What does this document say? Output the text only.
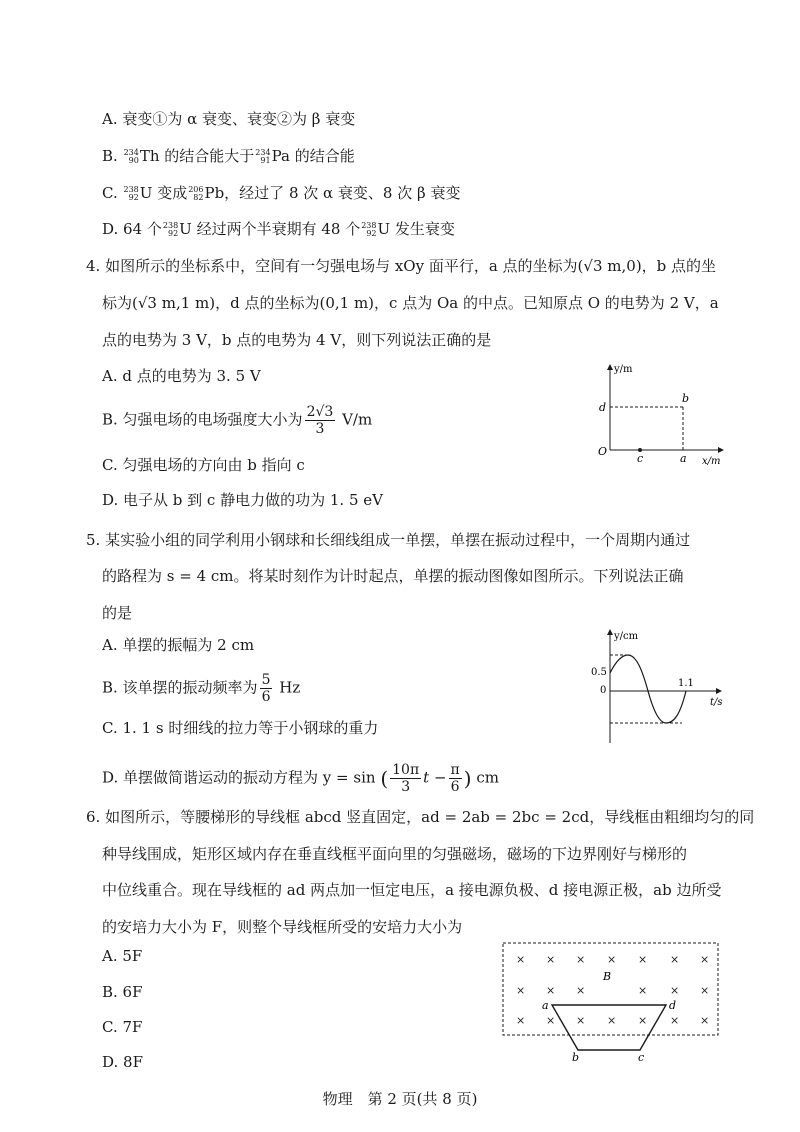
A. 衰变①为 α 衰变、衰变②为 β 衰变
B. 234
90 Th 的结合能大于 234
91 Pa 的结合能
C. 238
92 U 变成 206
82 Pb，经过了 8 次 α 衰变、8 次 β 衰变
D. 64 个 238
92 U 经过两个半衰期有 48 个 238
92 U 发生衰变
4. 如图所示的坐标系中，空间有一匀强电场与 xOy 面平行，a 点的坐标为(√3 m,0)，b 点的坐
标为(√3 m,1 m)，d 点的坐标为(0,1 m)，c 点为 Oa 的中点。已知原点 O 的电势为 2 V，a
点的电势为 3 V，b 点的电势为 4 V，则下列说法正确的是
A. d 点的电势为 3. 5 V
B. 匀强电场的电场强度大小为 $\frac{2√3}{3} V/m$
C. 匀强电场的方向由 b 指向 c
D. 电子从 b 到 c 静电力做的功为 1. 5 eV
y/m
x/m
d
b
O
c	a
5. 某实验小组的同学利用小钢球和长细线组成一单摆，单摆在振动过程中，一个周期内通过
的路程为 s = 4 cm。将某时刻作为计时起点，单摆的振动图像如图所示。下列说法正确
的是
A. 单摆的振幅为 2 cm
B. 该单摆的振动频率为 $\frac{5}{6}$ Hz
C. 1. 1 s 时细线的拉力等于小钢球的重力
D. 单摆做简谐运动的振动方程为 y = sin ( $\frac{10\pi}{3}$ $t - \frac{\pi}{6}$ ) cm
y/cm
t/s
0.5
0
1.1
6. 如图所示，等腰梯形的导线框 abcd 竖直固定，ad = 2ab = 2bc = 2cd，导线框由粗细均匀的同
种导线围成，矩形区域内存在垂直线框平面向里的匀强磁场，磁场的下边界刚好与梯形的
中位线重合。现在导线框的 ad 两点加一恒定电压，a 接电源负极、d 接电源正极，ab 边所受
的安培力大小为 F，则整个导线框所受的安培力大小为
A. 5F
B. 6F
C. 7F
D. 8F
× × × × × × ×
× × ×	× × ×
× × × × × × ×
B
a	d
b	c
物理　第 2 页(共 8 页)
